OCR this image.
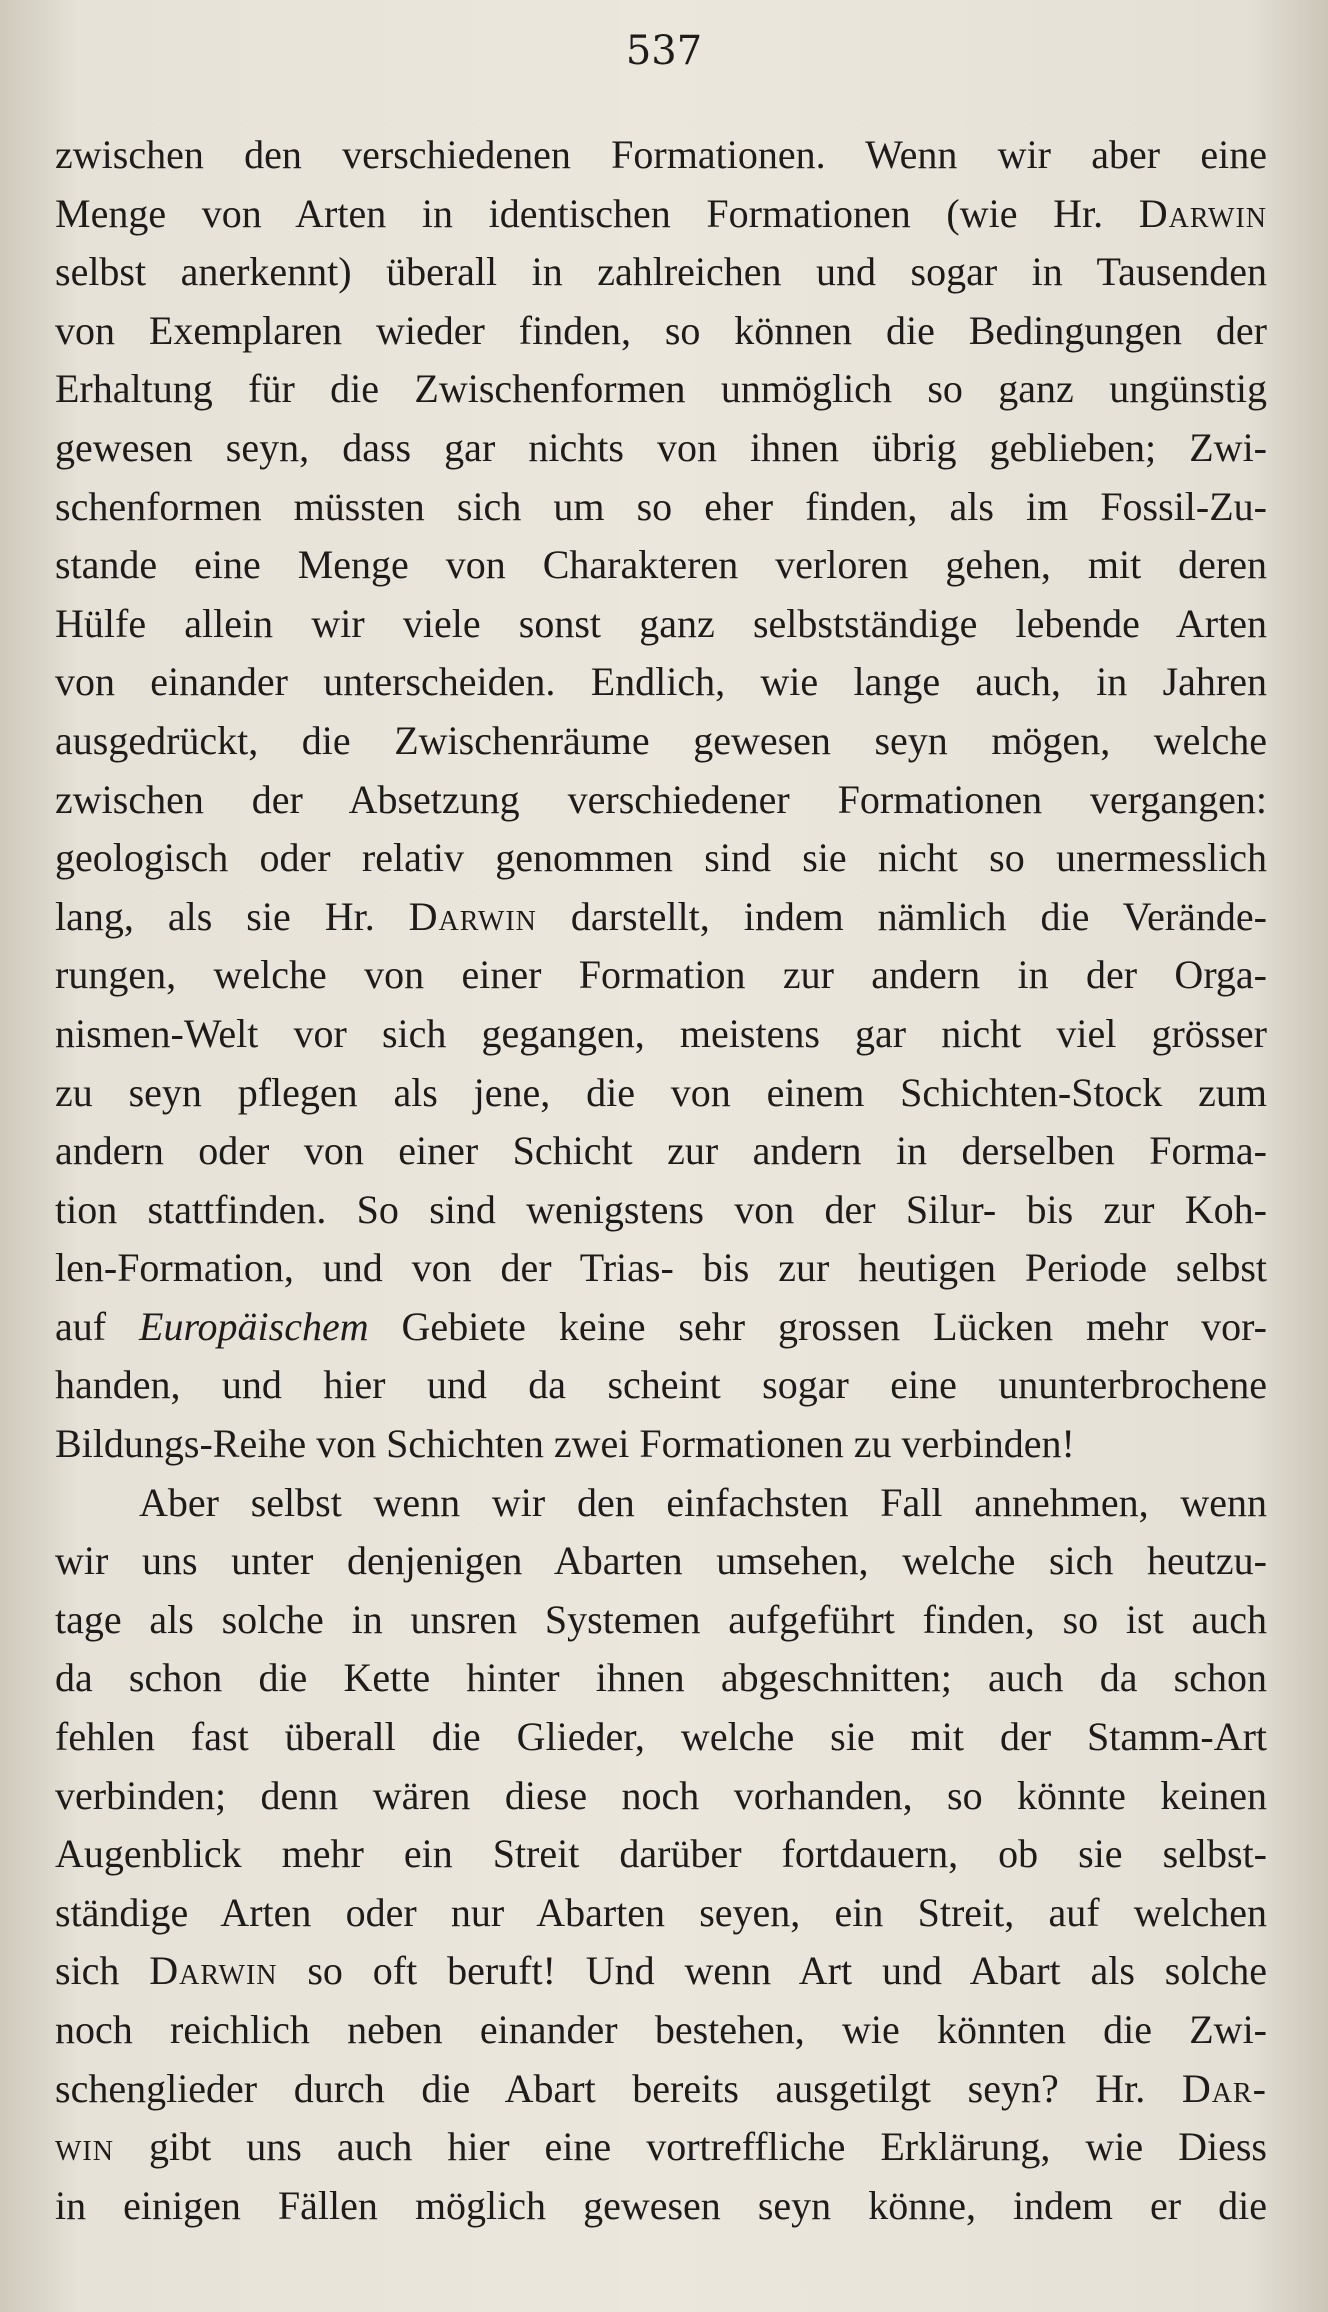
537
zwischen den verschiedenen Formationen. Wenn wir aber eine
Menge von Arten in identischen Formationen (wie Hr. Darwin
selbst anerkennt) überall in zahlreichen und sogar in Tausenden
von Exemplaren wieder finden, so können die Bedingungen der
Erhaltung für die Zwischenformen unmöglich so ganz ungünstig
gewesen seyn, dass gar nichts von ihnen übrig geblieben; Zwi-
schenformen müssten sich um so eher finden, als im Fossil-Zu-
stande eine Menge von Charakteren verloren gehen, mit deren
Hülfe allein wir viele sonst ganz selbstständige lebende Arten
von einander unterscheiden. Endlich, wie lange auch, in Jahren
ausgedrückt, die Zwischenräume gewesen seyn mögen, welche
zwischen der Absetzung verschiedener Formationen vergangen:
geologisch oder relativ genommen sind sie nicht so unermesslich
lang, als sie Hr. Darwin darstellt, indem nämlich die Verände-
rungen, welche von einer Formation zur andern in der Orga-
nismen-Welt vor sich gegangen, meistens gar nicht viel grösser
zu seyn pflegen als jene, die von einem Schichten-Stock zum
andern oder von einer Schicht zur andern in derselben Forma-
tion stattfinden. So sind wenigstens von der Silur- bis zur Koh-
len-Formation, und von der Trias- bis zur heutigen Periode selbst
auf Europäischem Gebiete keine sehr grossen Lücken mehr vor-
handen, und hier und da scheint sogar eine ununterbrochene
Bildungs-Reihe von Schichten zwei Formationen zu verbinden!
Aber selbst wenn wir den einfachsten Fall annehmen, wenn
wir uns unter denjenigen Abarten umsehen, welche sich heutzu-
tage als solche in unsren Systemen aufgeführt finden, so ist auch
da schon die Kette hinter ihnen abgeschnitten; auch da schon
fehlen fast überall die Glieder, welche sie mit der Stamm-Art
verbinden; denn wären diese noch vorhanden, so könnte keinen
Augenblick mehr ein Streit darüber fortdauern, ob sie selbst-
ständige Arten oder nur Abarten seyen, ein Streit, auf welchen
sich Darwin so oft beruft! Und wenn Art und Abart als solche
noch reichlich neben einander bestehen, wie könnten die Zwi-
schenglieder durch die Abart bereits ausgetilgt seyn? Hr. Dar-
win gibt uns auch hier eine vortreffliche Erklärung, wie Diess
in einigen Fällen möglich gewesen seyn könne, indem er die
